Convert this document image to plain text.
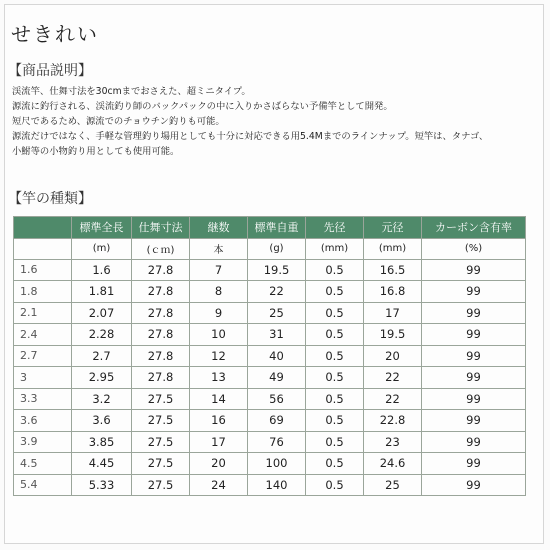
せきれい
【商品説明】
渓流竿、仕舞寸法を30cmまでおさえた、超ミニタイプ。
源流に釣行される、渓流釣り師のバックパックの中に入りかさばらない予備竿として開発。
短尺であるため、源流でのチョウチン釣りも可能。
源流だけではなく、手軽な管理釣り場用としても十分に対応できる用5.4Mまでのラインナップ。短竿は、タナゴ、
小鮒等の小物釣り用としても使用可能。
【竿の種類】
	標準全長	仕舞寸法	継数	標準自重	先径	元径	カーボン含有率
	(m)	(ｃｍ)	本	(g)	(mm)	(mm)	(%)
1.6	1.6	27.8	7	19.5	0.5	16.5	99
1.8	1.81	27.8	8	22	0.5	16.8	99
2.1	2.07	27.8	9	25	0.5	17	99
2.4	2.28	27.8	10	31	0.5	19.5	99
2.7	2.7	27.8	12	40	0.5	20	99
3	2.95	27.8	13	49	0.5	22	99
3.3	3.2	27.5	14	56	0.5	22	99
3.6	3.6	27.5	16	69	0.5	22.8	99
3.9	3.85	27.5	17	76	0.5	23	99
4.5	4.45	27.5	20	100	0.5	24.6	99
5.4	5.33	27.5	24	140	0.5	25	99
